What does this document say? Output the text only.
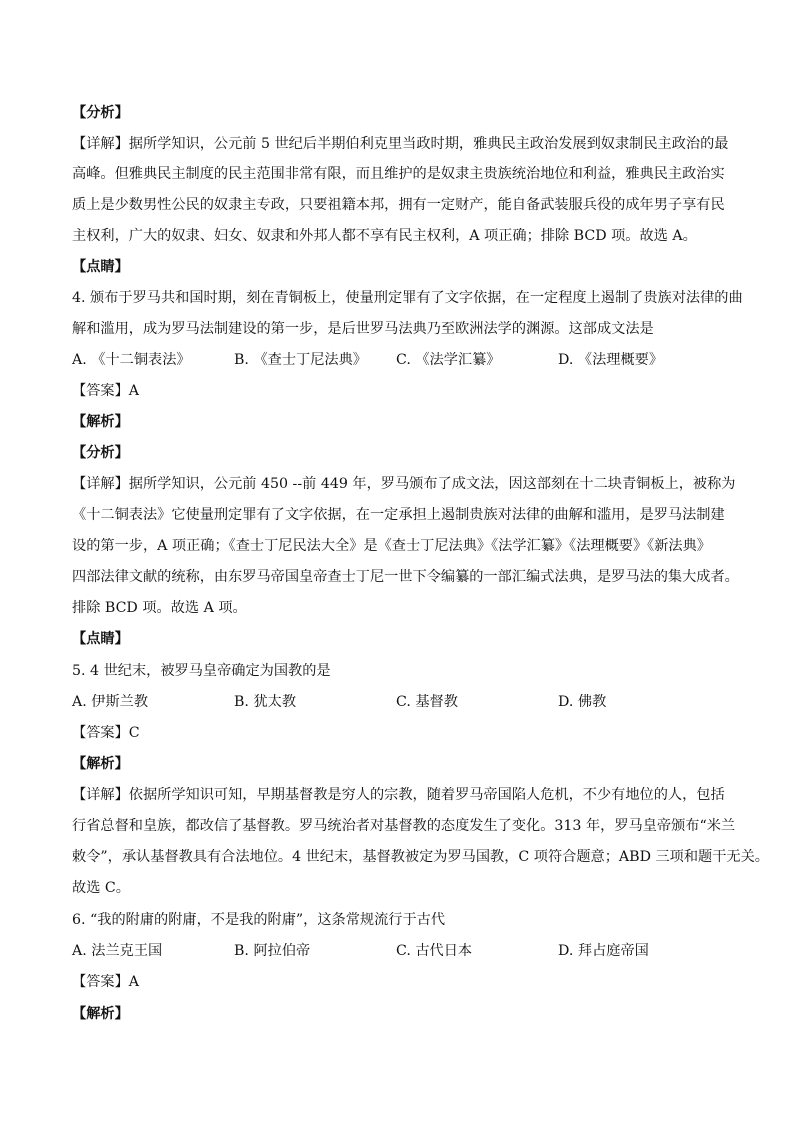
【分析】
【详解】据所学知识，公元前 5 世纪后半期伯利克里当政时期，雅典民主政治发展到奴隶制民主政治的最
高峰。但雅典民主制度的民主范围非常有限，而且维护的是奴隶主贵族统治地位和利益，雅典民主政治实
质上是少数男性公民的奴隶主专政，只要祖籍本邦，拥有一定财产，能自备武装服兵役的成年男子享有民
主权利，广大的奴隶、妇女、奴隶和外邦人都不享有民主权利，A 项正确；排除 BCD 项。故选 A。
【点睛】
4. 颁布于罗马共和国时期，刻在青铜板上，使量刑定罪有了文字依据，在一定程度上遏制了贵族对法律的曲
解和滥用，成为罗马法制建设的第一步，是后世罗马法典乃至欧洲法学的渊源。这部成文法是
A. 《十二铜表法》	B. 《查士丁尼法典》 C. 《法学汇纂》	D. 《法理概要》
【答案】A
【解析】
【分析】
【详解】据所学知识，公元前 450 --前 449 年，罗马颁布了成文法，因这部刻在十二块青铜板上，被称为
《十二铜表法》它使量刑定罪有了文字依据，在一定承担上遏制贵族对法律的曲解和滥用，是罗马法制建
设的第一步，A 项正确；《查士丁尼民法大全》是《查士丁尼法典》《法学汇纂》《法理概要》《新法典》
四部法律文献的统称，由东罗马帝国皇帝查士丁尼一世下令编纂的一部汇编式法典，是罗马法的集大成者。
排除 BCD 项。故选 A 项。
【点睛】
5. 4 世纪末，被罗马皇帝确定为国教的是
A. 伊斯兰教	B. 犹太教	C. 基督教	D. 佛教
【答案】C
【解析】
【详解】依据所学知识可知，早期基督教是穷人的宗教，随着罗马帝国陷人危机，不少有地位的人，包括
行省总督和皇族，都改信了基督教。罗马统治者对基督教的态度发生了变化。313 年，罗马皇帝颁布“米兰
敕令”，承认基督教具有合法地位。4 世纪末，基督教被定为罗马国教，C 项符合题意；ABD 三项和题干无关。
故选 C。
6. “我的附庸的附庸，不是我的附庸”，这条常规流行于古代
A. 法兰克王国	B. 阿拉伯帝	C. 古代日本	D. 拜占庭帝国
【答案】A
【解析】
